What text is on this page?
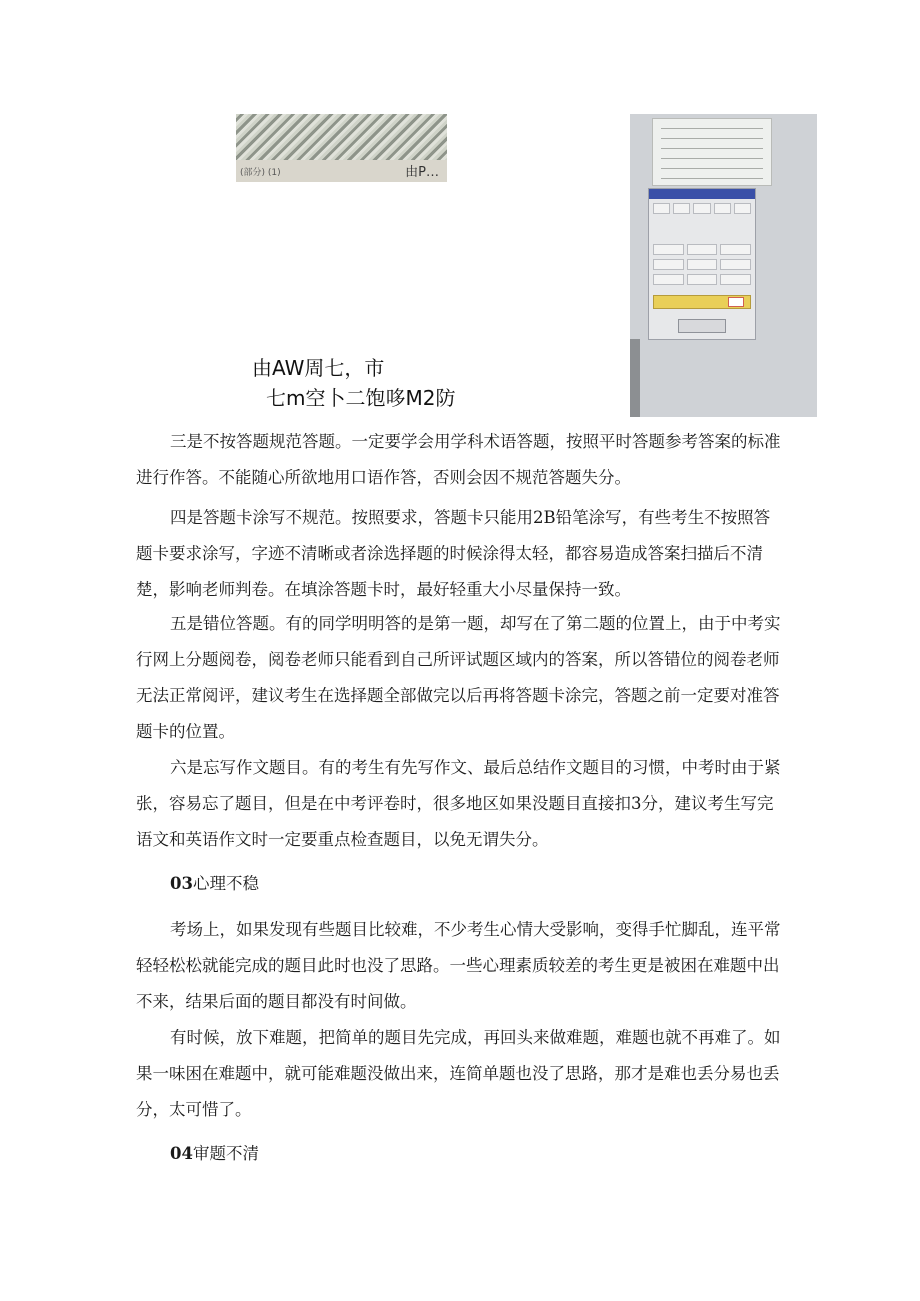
(部分) (1)	由P…
由AW周七，市
七m空卜二饱哆M2防

三是不按答题规范答题。一定要学会用学科术语答题，按照平时答题参考答案的标准进行作答。不能随心所欲地用口语作答，否则会因不规范答题失分。

四是答题卡涂写不规范。按照要求，答题卡只能用2B铅笔涂写，有些考生不按照答题卡要求涂写，字迹不清晰或者涂选择题的时候涂得太轻，都容易造成答案扫描后不清楚，影响老师判卷。在填涂答题卡时，最好轻重大小尽量保持一致。

五是错位答题。有的同学明明答的是第一题，却写在了第二题的位置上，由于中考实行网上分题阅卷，阅卷老师只能看到自己所评试题区域内的答案，所以答错位的阅卷老师无法正常阅评，建议考生在选择题全部做完以后再将答题卡涂完，答题之前一定要对准答题卡的位置。

六是忘写作文题目。有的考生有先写作文、最后总结作文题目的习惯，中考时由于紧张，容易忘了题目，但是在中考评卷时，很多地区如果没题目直接扣3分，建议考生写完语文和英语作文时一定要重点检查题目，以免无谓失分。

03心理不稳

考场上，如果发现有些题目比较难，不少考生心情大受影响，变得手忙脚乱，连平常轻轻松松就能完成的题目此时也没了思路。一些心理素质较差的考生更是被困在难题中出不来，结果后面的题目都没有时间做。

有时候，放下难题，把简单的题目先完成，再回头来做难题，难题也就不再难了。如果一味困在难题中，就可能难题没做出来，连简单题也没了思路，那才是难也丢分易也丢分，太可惜了。

04审题不清
